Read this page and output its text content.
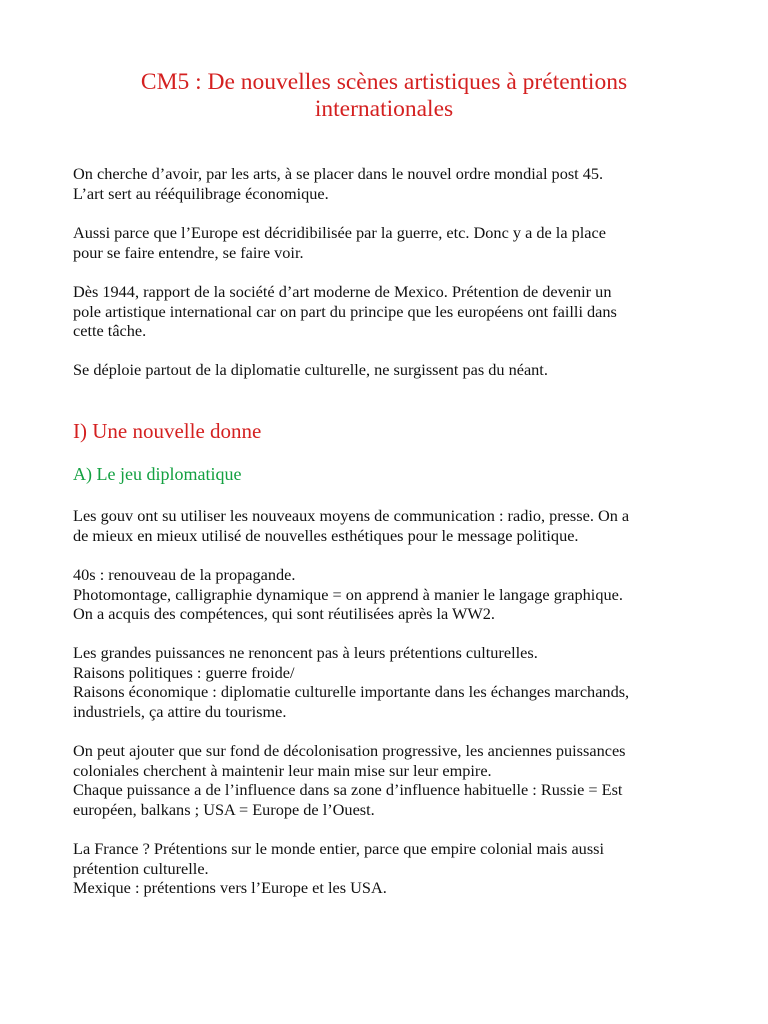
CM5 : De nouvelles scènes artistiques à prétentions
internationales

On cherche d’avoir, par les arts, à se placer dans le nouvel ordre mondial post 45.
L’art sert au rééquilibrage économique.

Aussi parce que l’Europe est décridibilisée par la guerre, etc. Donc y a de la place
pour se faire entendre, se faire voir.

Dès 1944, rapport de la société d’art moderne de Mexico. Prétention de devenir un
pole artistique international car on part du principe que les européens ont failli dans
cette tâche.

Se déploie partout de la diplomatie culturelle, ne surgissent pas du néant.

I) Une nouvelle donne
A) Le jeu diplomatique

Les gouv ont su utiliser les nouveaux moyens de communication : radio, presse. On a
de mieux en mieux utilisé de nouvelles esthétiques pour le message politique.

40s : renouveau de la propagande.
Photomontage, calligraphie dynamique = on apprend à manier le langage graphique.
On a acquis des compétences, qui sont réutilisées après la WW2.

Les grandes puissances ne renoncent pas à leurs prétentions culturelles.
Raisons politiques : guerre froide/
Raisons économique : diplomatie culturelle importante dans les échanges marchands,
industriels, ça attire du tourisme.

On peut ajouter que sur fond de décolonisation progressive, les anciennes puissances
coloniales cherchent à maintenir leur main mise sur leur empire.
Chaque puissance a de l’influence dans sa zone d’influence habituelle : Russie = Est
européen, balkans ; USA = Europe de l’Ouest.

La France ? Prétentions sur le monde entier, parce que empire colonial mais aussi
prétention culturelle.
Mexique : prétentions vers l’Europe et les USA.
